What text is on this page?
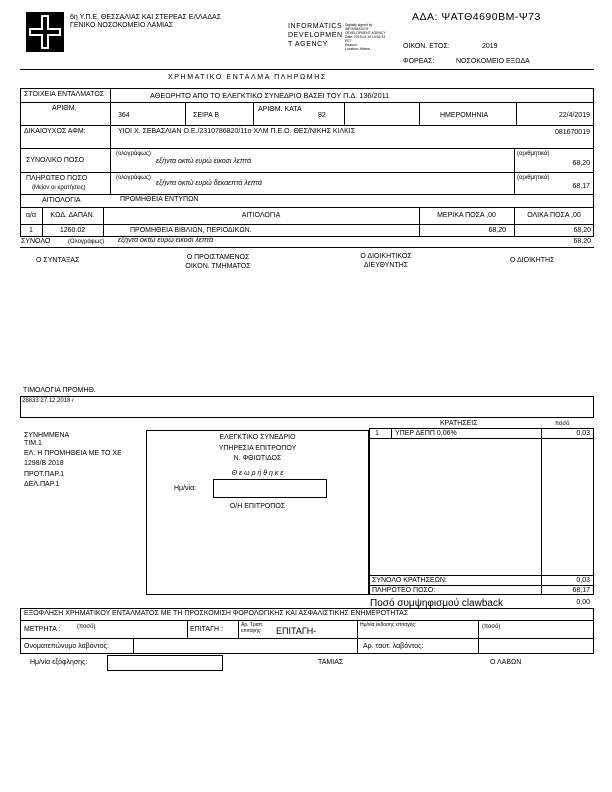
6η Υ.Π.Ε. ΘΕΣΣΑΛΙΑΣ ΚΑΙ ΣΤΕΡΕΑΣ ΕΛΛΑΔΑΣ
ΓΕΝΙΚΟ ΝΟΣΟΚΟΜΕΙΟ ΛΑΜΙΑΣ	INFORMATICS
DEVELOPMEN
T AGENCY
Digitally signed by
INFORMATICS
DEVELOPMENT AGENCY
Date: 2019.01.10 13:52:33
EET
Reason:
Location: Athens
ΑΔΑ: ΨΑΤΘ4690ΒΜ-Ψ73
ΟΙΚΟΝ. ΕΤΟΣ:	2019
ΦΟΡΕΑΣ:	ΝΟΣΟΚΟΜΕΙΟ ΕΞΩΔΑ
ΧΡΗΜΑΤΙΚΟ ΕΝΤΑΛΜΑ ΠΛΗΡΩΜΗΣ
ΣΤΟΙΧΕΙΑ ΕΝΤΑΛΜΑΤΟΣ	ΑΘΕΩΡΗΤΟ ΑΠΟ ΤΟ ΕΛΕΓΚΤΙΚΟ ΣΥΝΕΔΡΙΟ ΒΑΣΕΙ ΤΟΥ Π.Δ. 136/2011
ΑΡΙΘΜ.
364	ΣΕΙΡΑ Β
ΑΡΙΘΜ. ΚΑΤΑ
82	ΗΜΕΡΟΜΗΝΙΑ	22/4/2019
ΔΙΚΑΙΟΥΧΟΣ ΑΦΜ:	ΥΙΟΙ Χ. ΣΕΒΑΣΛΙΑΝ Ο.Ε./2310786820/11ο ΧΛΜ Π.Ε.Ο. ΘΕΣ/ΝΙΚΗΣ ΚΙΛΚΙΣ	081670019
ΣΥΝΟΛΙΚΟ ΠΟΣΟ
(ολογράφως)
εξήντα οκτώ ευρώ είκοσι λεπτά
(αριθμητικά)
68,20
ΠΛΗΡΩΤΕΟ ΠΟΣΟ
(Μείον οι κρατήσεις)
(ολογράφως)
εξήντα οκτώ ευρώ δεκαεπτά λεπτά
(αριθμητικά)
68,17
ΑΙΤΙΟΛΟΓΙΑ	ΠΡΟΜΗΘΕΙΑ ΕΝΤΥΠΩΝ
α/α	ΚΩΔ. ΔΑΠΑΝ.	ΑΙΤΙΟΛΟΓΙΑ	ΜΕΡΙΚΑ ΠΟΣΑ ,00	ΟΛΙΚΑ ΠΟΣΑ ,00
1	1260.02	ΠΡΟΜΗΘΕΙΑ ΒΙΒΛΙΩΝ, ΠΕΡΙΟΔΙΚΩΝ.	68,20	68,20
ΣΥΝΟΛΟ	(Ολογράφως) εξήντα οκτώ ευρώ είκοσι λεπτά	68,20
Ο ΣΥΝΤΑΞΑΣ	Ο ΠΡΟΙΣΤΑΜΕΝΟΣ
ΟΙΚΟΝ. ΤΜΗΜΑΤΟΣ
Ο ΔΙΟΙΚΗΤΙΚΟΣ
ΔΙΕΥΘΥΝΤΗΣ
Ο ΔΙΟΙΚΗΤΗΣ
ΤΙΜΟΛΟΓΙΑ ΠΡΟΜΗΘ.
28833 27.12.2018 /
ΣΥΝΗΜΜΕΝΑ
ΤΙΜ.1
ΕΛ. Η ΠΡΟΜΗΘΕΙΑ ΜΕ ΤΟ ΧΕ
1298/Β 2018
ΠΡΟΤ.ΠΑΡ.1
ΔΕΛ.ΠΑΡ.1
ΕΛΕΓΚΤΙΚΟ ΣΥΝΕΔΡΙΟ
ΥΠΗΡΕΣΙΑ ΕΠΙΤΡΟΠΟΥ
Ν. ΦΘΙΩΤΙΔΟΣ
Θ ε ω ρ ή θ η κ ε
Ημ/νία:
Ο/Η ΕΠΙΤΡΟΠΟΣ
ΚΡΑΤΗΣΕΙΣ	ποσό
1 ΥΠΕΡ ΔΕΠΠ 0,06%	0,03
ΣΥΝΟΛΟ ΚΡΑΤΗΣΕΩΝ:	0,03
ΠΛΗΡΩΤΕΟ ΠΟΣΟ:	68,17
Ποσό συμψηφισμού clawback	0,00
ΕΞΟΦΛΗΣΗ ΧΡΗΜΑΤΙΚΟΥ ΕΝΤΑΛΜΑΤΟΣ ΜΕ ΤΗ ΠΡΟΣΚΟΜΙΣΗ ΦΟΡΟΛΟΓΙΚΗΣ ΚΑΙ ΑΣΦΑΛΙΣΤΙΚΗΣ ΕΝΗΜΕΡΟΤΗΤΑΣ
ΜΕΤΡΗΤΑ :	(ποσό)	ΕΠΙΤΑΓΗ :
Αρ. Τραπ. επιταγής:	ΕΠΙΤΑΓΗ-
Ημ/νία έκδοσης επιταγής:	(ποσό)
Ονοματεπώνυμο λαβόντος:	Αρ. ταυτ. λαβόντος:
Ημ/νία εξόφλησης:	ΤΑΜΙΑΣ	Ο ΛΑΒΩΝ
